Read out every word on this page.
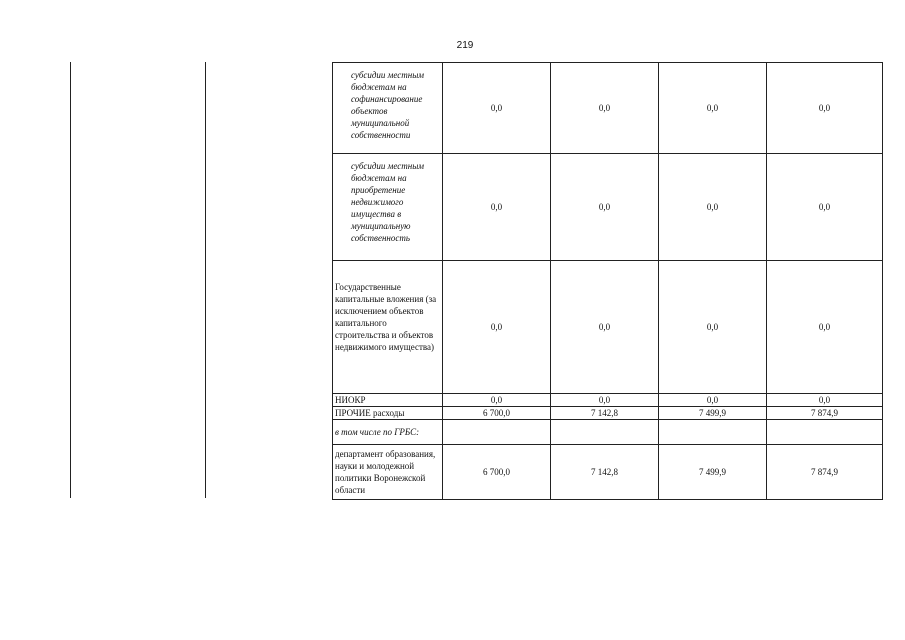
219
субсидии местным бюджетам на софинансирование объектов муниципальной собственности	0,0	0,0	0,0	0,0
субсидии местным бюджетам на приобретение недвижимого имущества в муниципальную собственность	0,0	0,0	0,0	0,0
Государственные капитальные вложения (за исключением объектов капитального строительства и объектов недвижимого имущества)	0,0	0,0	0,0	0,0
НИОКР	0,0	0,0	0,0	0,0
ПРОЧИЕ расходы	6 700,0	7 142,8	7 499,9	7 874,9
в том числе по ГРБС:				
департамент образования, науки и молодежной политики Воронежской области	6 700,0	7 142,8	7 499,9	7 874,9
